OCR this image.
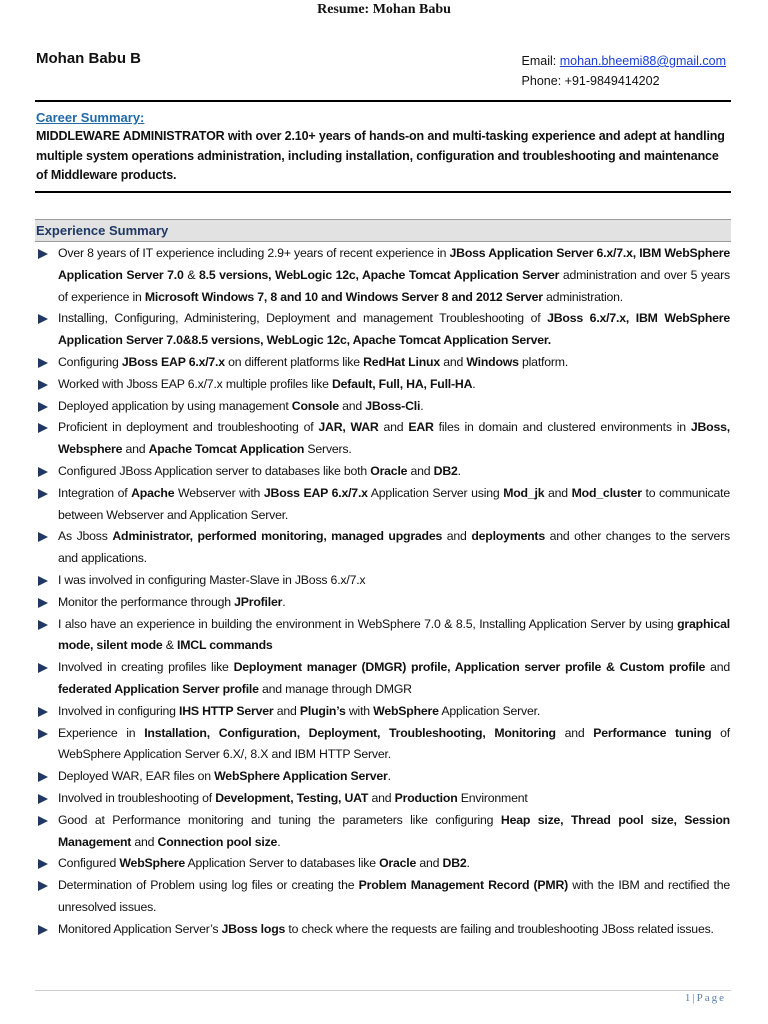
Resume: Mohan Babu
Mohan Babu B	Email: mohan.bheemi88@gmail.com
Phone: +91-9849414202
Career Summary:
MIDDLEWARE ADMINISTRATOR with over 2.10+ years of hands-on and multi-tasking experience and adept at handling multiple system operations administration, including installation, configuration and troubleshooting and maintenance of Middleware products.
Experience Summary
Over 8 years of IT experience including 2.9+ years of recent experience in JBoss Application Server 6.x/7.x, IBM WebSphere Application Server 7.0 & 8.5 versions, WebLogic 12c, Apache Tomcat Application Server administration and over 5 years of experience in Microsoft Windows 7, 8 and 10 and Windows Server 8 and 2012 Server administration.
Installing, Configuring, Administering, Deployment and management Troubleshooting of JBoss 6.x/7.x, IBM WebSphere Application Server 7.0&8.5 versions, WebLogic 12c, Apache Tomcat Application Server.
Configuring JBoss EAP 6.x/7.x on different platforms like RedHat Linux and Windows platform.
Worked with Jboss EAP 6.x/7.x multiple profiles like Default, Full, HA, Full-HA.
Deployed application by using management Console and JBoss-Cli.
Proficient in deployment and troubleshooting of JAR, WAR and EAR files in domain and clustered environments in JBoss, Websphere and Apache Tomcat Application Servers.
Configured JBoss Application server to databases like both Oracle and DB2.
Integration of Apache Webserver with JBoss EAP 6.x/7.x Application Server using Mod_jk and Mod_cluster to communicate between Webserver and Application Server.
As Jboss Administrator, performed monitoring, managed upgrades and deployments and other changes to the servers and applications.
I was involved in configuring Master-Slave in JBoss 6.x/7.x
Monitor the performance through JProfiler.
I also have an experience in building the environment in WebSphere 7.0 & 8.5, Installing Application Server by using graphical mode, silent mode & IMCL commands
Involved in creating profiles like Deployment manager (DMGR) profile, Application server profile & Custom profile and federated Application Server profile and manage through DMGR
Involved in configuring IHS HTTP Server and Plugin’s with WebSphere Application Server.
Experience in Installation, Configuration, Deployment, Troubleshooting, Monitoring and Performance tuning of WebSphere Application Server 6.X/, 8.X and IBM HTTP Server.
Deployed WAR, EAR files on WebSphere Application Server.
Involved in troubleshooting of Development, Testing, UAT and Production Environment
Good at Performance monitoring and tuning the parameters like configuring Heap size, Thread pool size, Session Management and Connection pool size.
Configured WebSphere Application Server to databases like Oracle and DB2.
Determination of Problem using log files or creating the Problem Management Record (PMR) with the IBM and rectified the unresolved issues.
Monitored Application Server’s JBoss logs to check where the requests are failing and troubleshooting JBoss related issues.
1|Page
